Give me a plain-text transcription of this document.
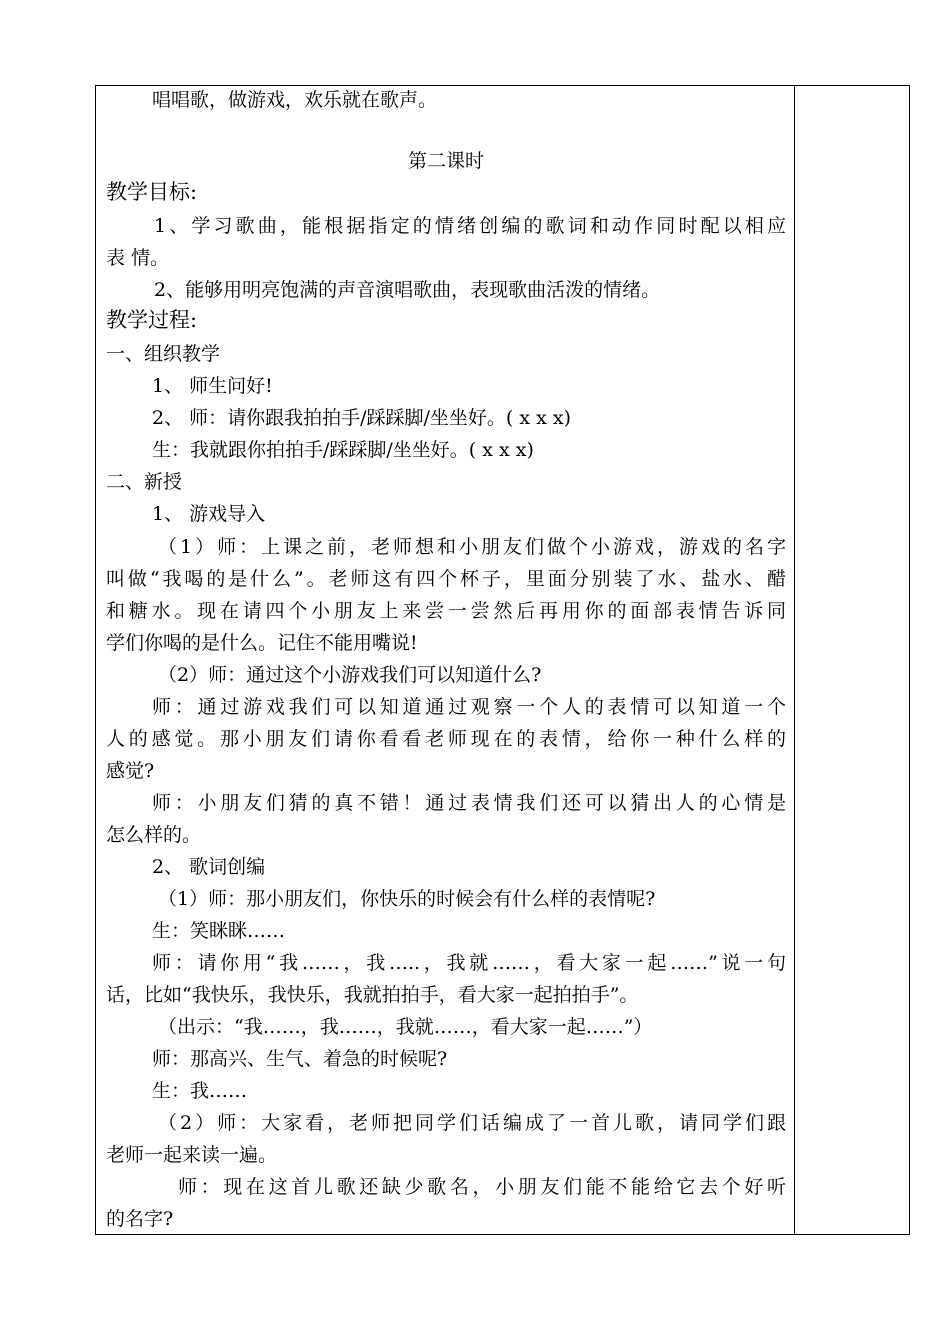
唱唱歌，做游戏，欢乐就在歌声。
第二课时
教学目标:
1、学习歌曲，能根据指定的情绪创编的歌词和动作同时配以相应
表 情。
2、能够用明亮饱满的声音演唱歌曲，表现歌曲活泼的情绪。
教学过程:
一、组织教学
1、 师生问好!
2、 师：请你跟我拍拍手/踩踩脚/坐坐好。( x x x)
生：我就跟你拍拍手/踩踩脚/坐坐好。( x x x)
二、新授
1、 游戏导入
（1）师：上课之前，老师想和小朋友们做个小游戏，游戏的名字
叫做“我喝的是什么”。老师这有四个杯子，里面分别装了水、盐水、醋
和糖水。现在请四个小朋友上来尝一尝然后再用你的面部表情告诉同
学们你喝的是什么。记住不能用嘴说!
（2）师：通过这个小游戏我们可以知道什么?
师：通过游戏我们可以知道通过观察一个人的表情可以知道一个
人的感觉。那小朋友们请你看看老师现在的表情，给你一种什么样的
感觉?
师：小朋友们猜的真不错！通过表情我们还可以猜出人的心情是
怎么样的。
2、 歌词创编
（1）师：那小朋友们，你快乐的时候会有什么样的表情呢?
生：笑眯眯……
师：请你用“我……，我…..，我就……，看大家一起……”说一句
话，比如“我快乐，我快乐，我就拍拍手，看大家一起拍拍手”。
（出示：“我……，我……，我就……，看大家一起……”）
师：那高兴、生气、着急的时候呢?
生：我……
（2）师：大家看，老师把同学们话编成了一首儿歌，请同学们跟
老师一起来读一遍。
师：现在这首儿歌还缺少歌名，小朋友们能不能给它去个好听
的名字?
